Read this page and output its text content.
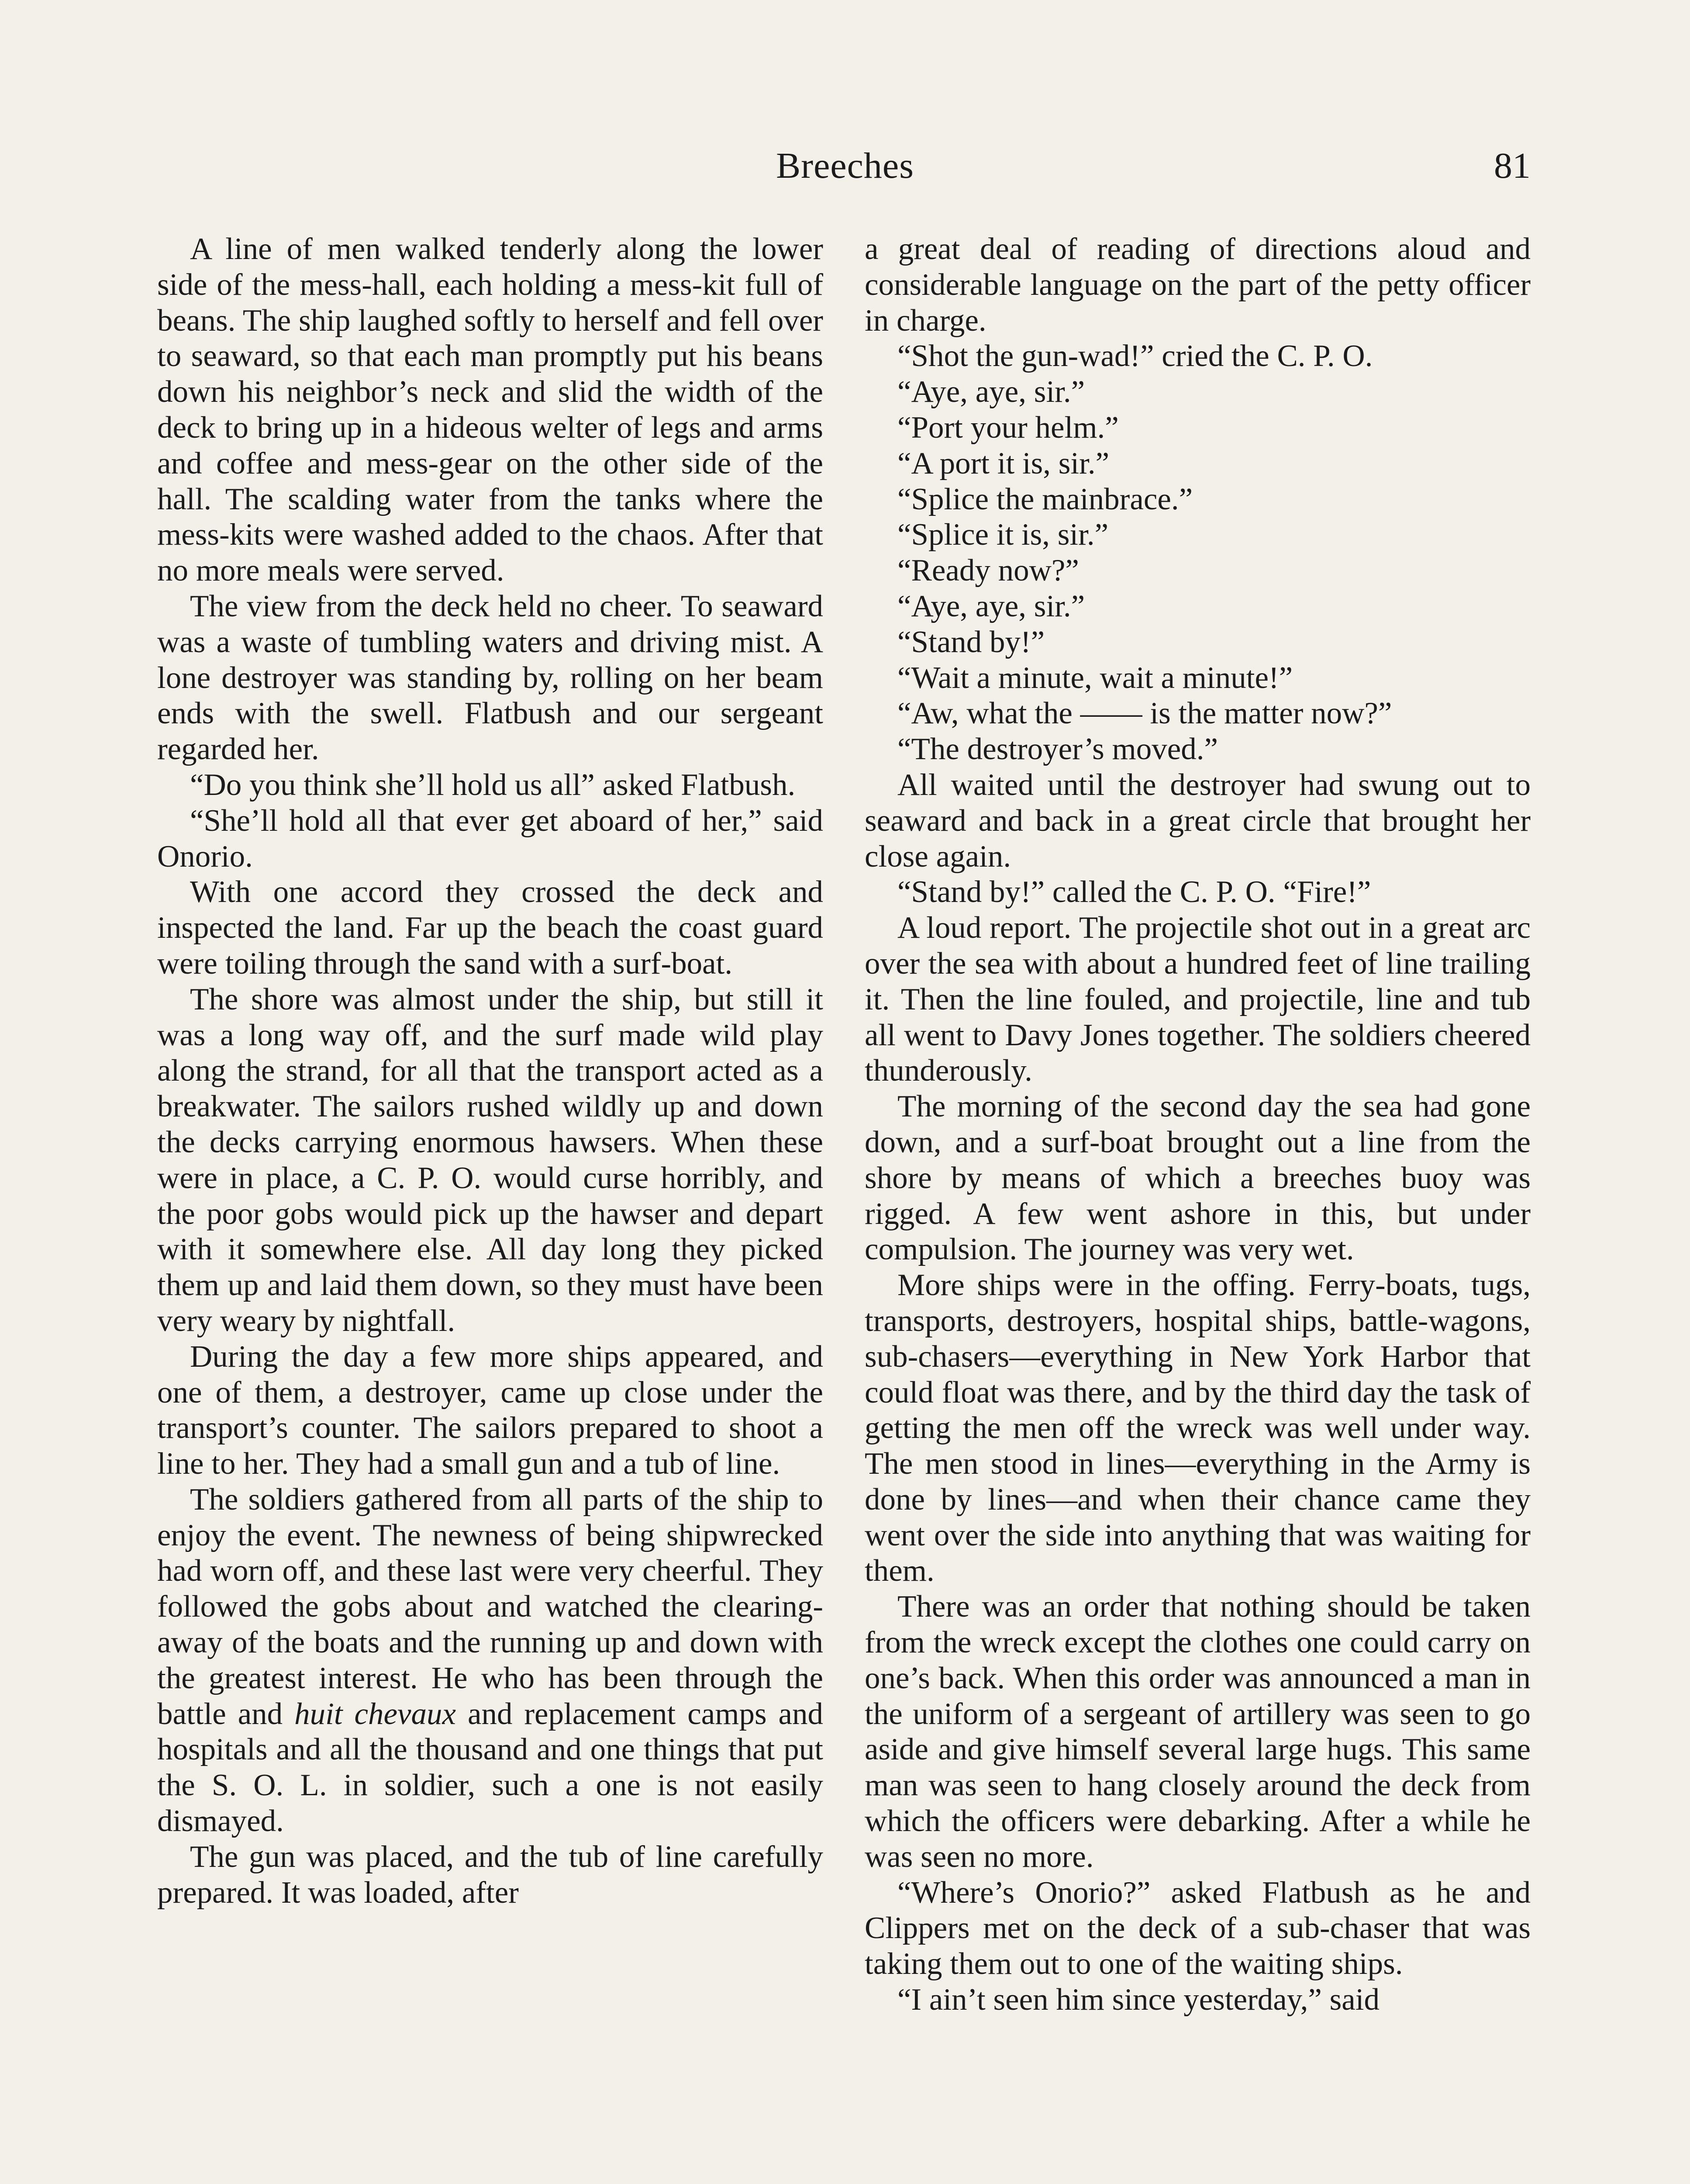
Breeches	81

A line of men walked tenderly along the lower side of the mess-hall, each holding a mess-kit full of beans. The ship laughed softly to herself and fell over to seaward, so that each man promptly put his beans down his neighbor’s neck and slid the width of the deck to bring up in a hideous welter of legs and arms and coffee and mess-gear on the other side of the hall. The scalding water from the tanks where the mess-kits were washed added to the chaos. After that no more meals were served.

The view from the deck held no cheer. To seaward was a waste of tumbling waters and driving mist. A lone destroyer was standing by, rolling on her beam ends with the swell. Flatbush and our sergeant regarded her.

“Do you think she’ll hold us all” asked Flatbush.

“She’ll hold all that ever get aboard of her,” said Onorio.

With one accord they crossed the deck and inspected the land. Far up the beach the coast guard were toiling through the sand with a surf-boat.

The shore was almost under the ship, but still it was a long way off, and the surf made wild play along the strand, for all that the transport acted as a breakwater. The sailors rushed wildly up and down the decks carrying enormous hawsers. When these were in place, a C. P. O. would curse horribly, and the poor gobs would pick up the hawser and depart with it somewhere else. All day long they picked them up and laid them down, so they must have been very weary by nightfall.

During the day a few more ships appeared, and one of them, a destroyer, came up close under the transport’s counter. The sailors prepared to shoot a line to her. They had a small gun and a tub of line.

The soldiers gathered from all parts of the ship to enjoy the event. The newness of being shipwrecked had worn off, and these last were very cheerful. They followed the gobs about and watched the clearing-away of the boats and the running up and down with the greatest interest. He who has been through the battle and huit chevaux and replacement camps and hospitals and all the thousand and one things that put the S. O. L. in soldier, such a one is not easily dismayed.

The gun was placed, and the tub of line carefully prepared. It was loaded, after

a great deal of reading of directions aloud and considerable language on the part of the petty officer in charge.

“Shot the gun-wad!” cried the C. P. O.

“Aye, aye, sir.”

“Port your helm.”

“A port it is, sir.”

“Splice the mainbrace.”

“Splice it is, sir.”

“Ready now?”

“Aye, aye, sir.”

“Stand by!”

“Wait a minute, wait a minute!”

“Aw, what the —— is the matter now?”

“The destroyer’s moved.”

All waited until the destroyer had swung out to seaward and back in a great circle that brought her close again.

“Stand by!” called the C. P. O. “Fire!”

A loud report. The projectile shot out in a great arc over the sea with about a hundred feet of line trailing it. Then the line fouled, and projectile, line and tub all went to Davy Jones together. The soldiers cheered thunderously.

The morning of the second day the sea had gone down, and a surf-boat brought out a line from the shore by means of which a breeches buoy was rigged. A few went ashore in this, but under compulsion. The journey was very wet.

More ships were in the offing. Ferry-boats, tugs, transports, destroyers, hospital ships, battle-wagons, sub-chasers—everything in New York Harbor that could float was there, and by the third day the task of getting the men off the wreck was well under way. The men stood in lines—everything in the Army is done by lines—and when their chance came they went over the side into anything that was waiting for them.

There was an order that nothing should be taken from the wreck except the clothes one could carry on one’s back. When this order was announced a man in the uniform of a sergeant of artillery was seen to go aside and give himself several large hugs. This same man was seen to hang closely around the deck from which the officers were debarking. After a while he was seen no more.

“Where’s Onorio?” asked Flatbush as he and Clippers met on the deck of a sub-chaser that was taking them out to one of the waiting ships.

“I ain’t seen him since yesterday,” said
